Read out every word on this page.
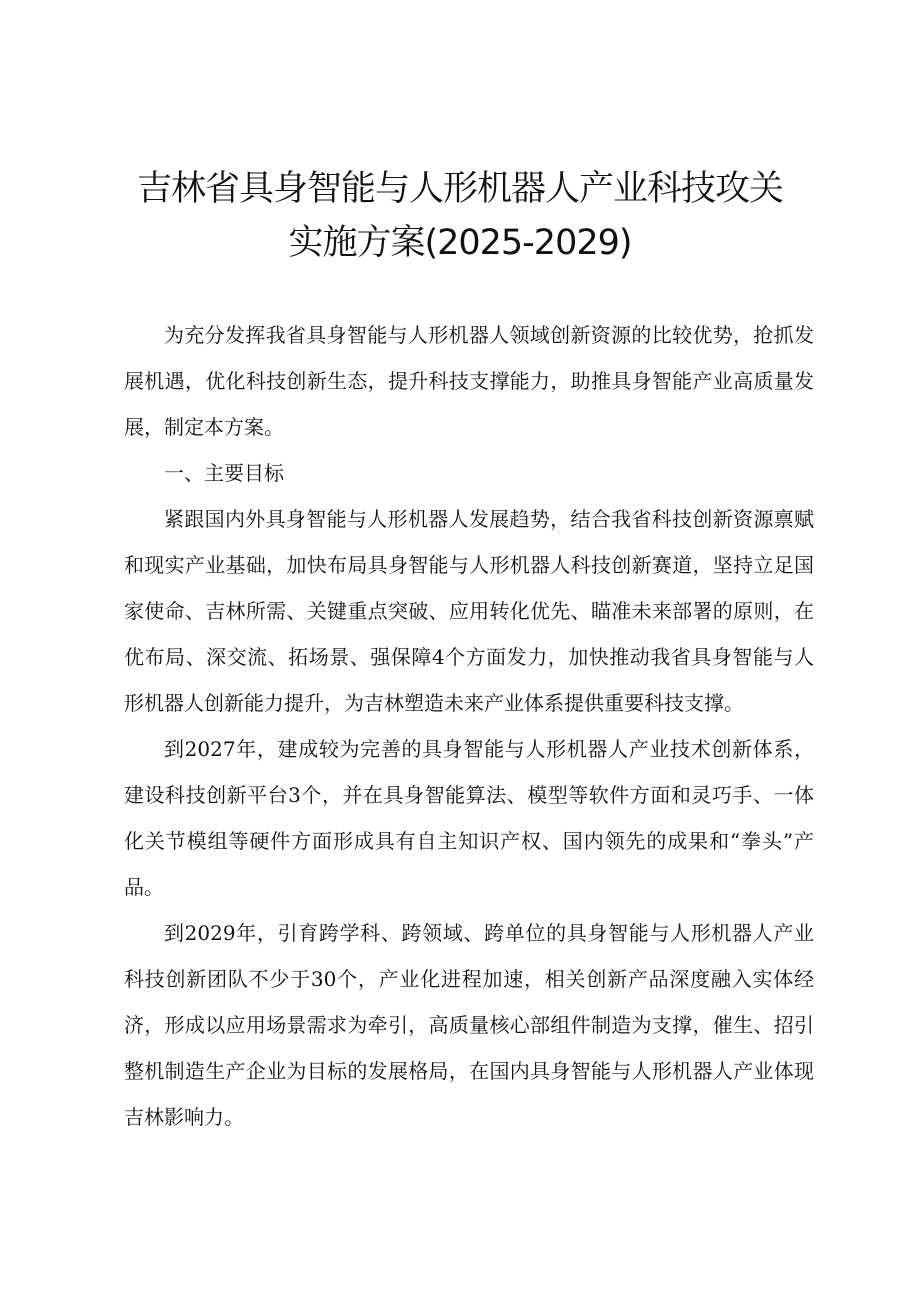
吉林省具身智能与人形机器人产业科技攻关
实施方案(2025-2029)

为充分发挥我省具身智能与人形机器人领域创新资源的比较优势，抢抓发展机遇，优化科技创新生态，提升科技支撑能力，助推具身智能产业高质量发展，制定本方案。

一、主要目标

紧跟国内外具身智能与人形机器人发展趋势，结合我省科技创新资源禀赋和现实产业基础，加快布局具身智能与人形机器人科技创新赛道，坚持立足国家使命、吉林所需、关键重点突破、应用转化优先、瞄准未来部署的原则，在优布局、深交流、拓场景、强保障4个方面发力，加快推动我省具身智能与人形机器人创新能力提升，为吉林塑造未来产业体系提供重要科技支撑。

到2027年，建成较为完善的具身智能与人形机器人产业技术创新体系，建设科技创新平台3个，并在具身智能算法、模型等软件方面和灵巧手、一体化关节模组等硬件方面形成具有自主知识产权、国内领先的成果和“拳头”产品。

到2029年，引育跨学科、跨领域、跨单位的具身智能与人形机器人产业科技创新团队不少于30个，产业化进程加速，相关创新产品深度融入实体经济，形成以应用场景需求为牵引，高质量核心部组件制造为支撑，催生、招引整机制造生产企业为目标的发展格局，在国内具身智能与人形机器人产业体现吉林影响力。
